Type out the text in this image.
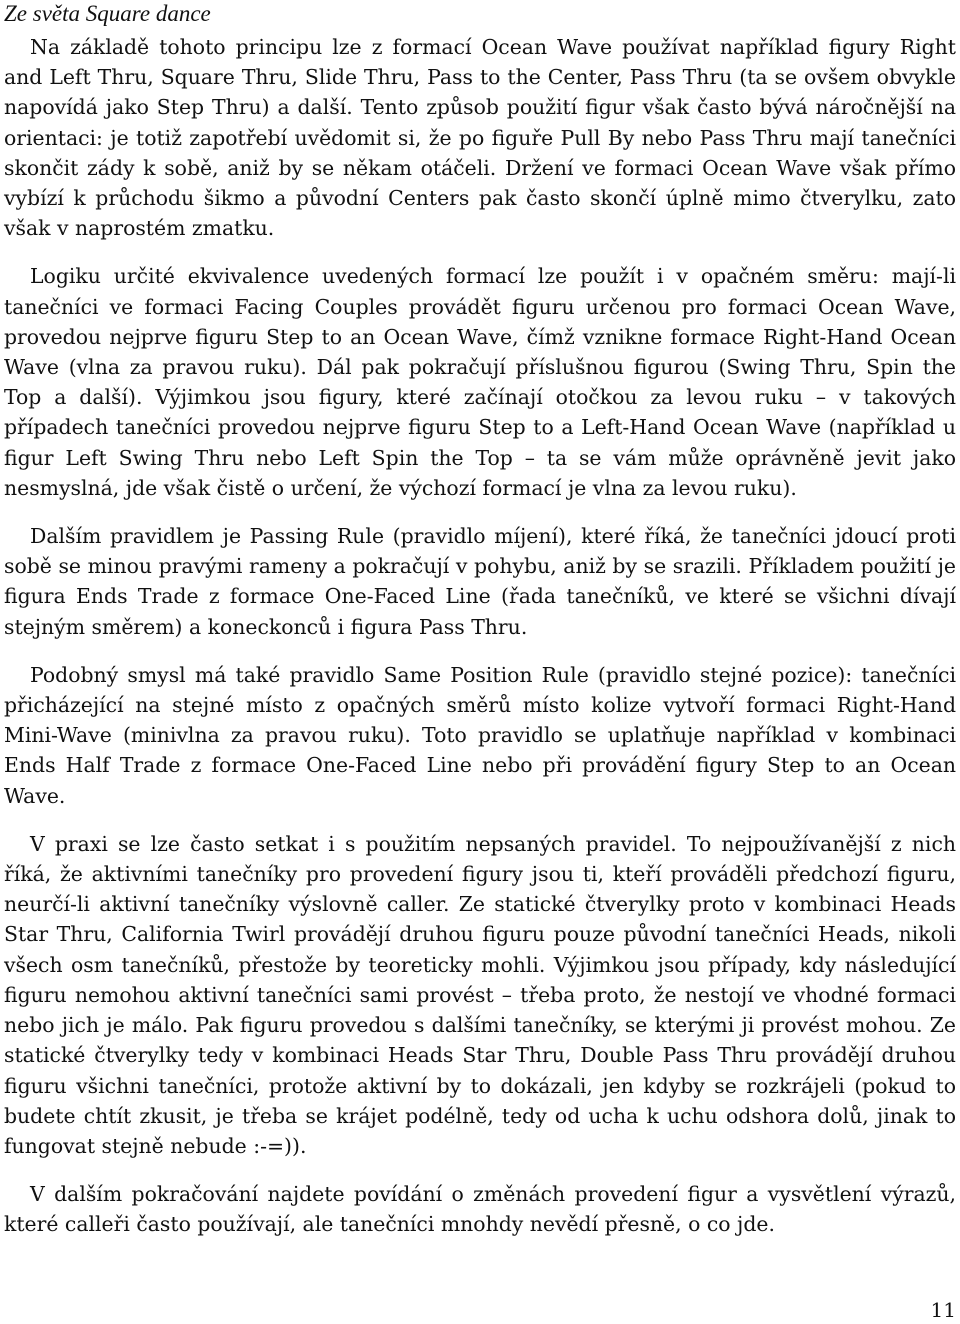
Ze světa Square dance

Na základě tohoto principu lze z formací Ocean Wave používat například figury Right and Left Thru, Square Thru, Slide Thru, Pass to the Center, Pass Thru (ta se ovšem obvykle napovídá jako Step Thru) a další. Tento způsob použití figur však často bývá náročnější na orientaci: je totiž zapotřebí uvědomit si, že po figuře Pull By nebo Pass Thru mají tanečníci skončit zády k sobě, aniž by se někam otáčeli. Držení ve formaci Ocean Wave však přímo vybízí k průchodu šikmo a původní Centers pak často skončí úplně mimo čtverylku, zato však v naprostém zmatku.

Logiku určité ekvivalence uvedených formací lze použít i v opačném směru: mají-li tanečníci ve formaci Facing Couples provádět figuru určenou pro formaci Ocean Wave, provedou nejprve figuru Step to an Ocean Wave, čímž vznikne formace Right-Hand Ocean Wave (vlna za pravou ruku). Dál pak pokračují příslušnou figurou (Swing Thru, Spin the Top a další). Výjimkou jsou figury, které začínají otočkou za levou ruku – v takových případech tanečníci provedou nejprve figuru Step to a Left-Hand Ocean Wave (například u figur Left Swing Thru nebo Left Spin the Top – ta se vám může oprávněně jevit jako nesmyslná, jde však čistě o určení, že výchozí formací je vlna za levou ruku).

Dalším pravidlem je Passing Rule (pravidlo míjení), které říká, že tanečníci jdoucí proti sobě se minou pravými rameny a pokračují v pohybu, aniž by se srazili. Příkladem použití je figura Ends Trade z formace One-Faced Line (řada tanečníků, ve které se všichni dívají stejným směrem) a koneckonců i figura Pass Thru.

Podobný smysl má také pravidlo Same Position Rule (pravidlo stejné pozice): tanečníci přicházející na stejné místo z opačných směrů místo kolize vytvoří formaci Right-Hand Mini-Wave (minivlna za pravou ruku). Toto pravidlo se uplatňuje například v kombinaci Ends Half Trade z formace One-Faced Line nebo při provádění figury Step to an Ocean Wave.

V praxi se lze často setkat i s použitím nepsaných pravidel. To nejpoužívanější z nich říká, že aktivními tanečníky pro provedení figury jsou ti, kteří prováděli předchozí figuru, neurčí-li aktivní tanečníky výslovně caller. Ze statické čtverylky proto v kombinaci Heads Star Thru, California Twirl provádějí druhou figuru pouze původní tanečníci Heads, nikoli všech osm tanečníků, přestože by teoreticky mohli. Výjimkou jsou případy, kdy následující figuru nemohou aktivní tanečníci sami provést – třeba proto, že nestojí ve vhodné formaci nebo jich je málo. Pak figuru provedou s dalšími tanečníky, se kterými ji provést mohou. Ze statické čtverylky tedy v kombinaci Heads Star Thru, Double Pass Thru provádějí druhou figuru všichni tanečníci, protože aktivní by to dokázali, jen kdyby se rozkrájeli (pokud to budete chtít zkusit, je třeba se krájet podélně, tedy od ucha k uchu odshora dolů, jinak to fungovat stejně nebude :-=)).

V dalším pokračování najdete povídání o změnách provedení figur a vysvětlení výrazů, které calleři často používají, ale tanečníci mnohdy nevědí přesně, o co jde.

11
